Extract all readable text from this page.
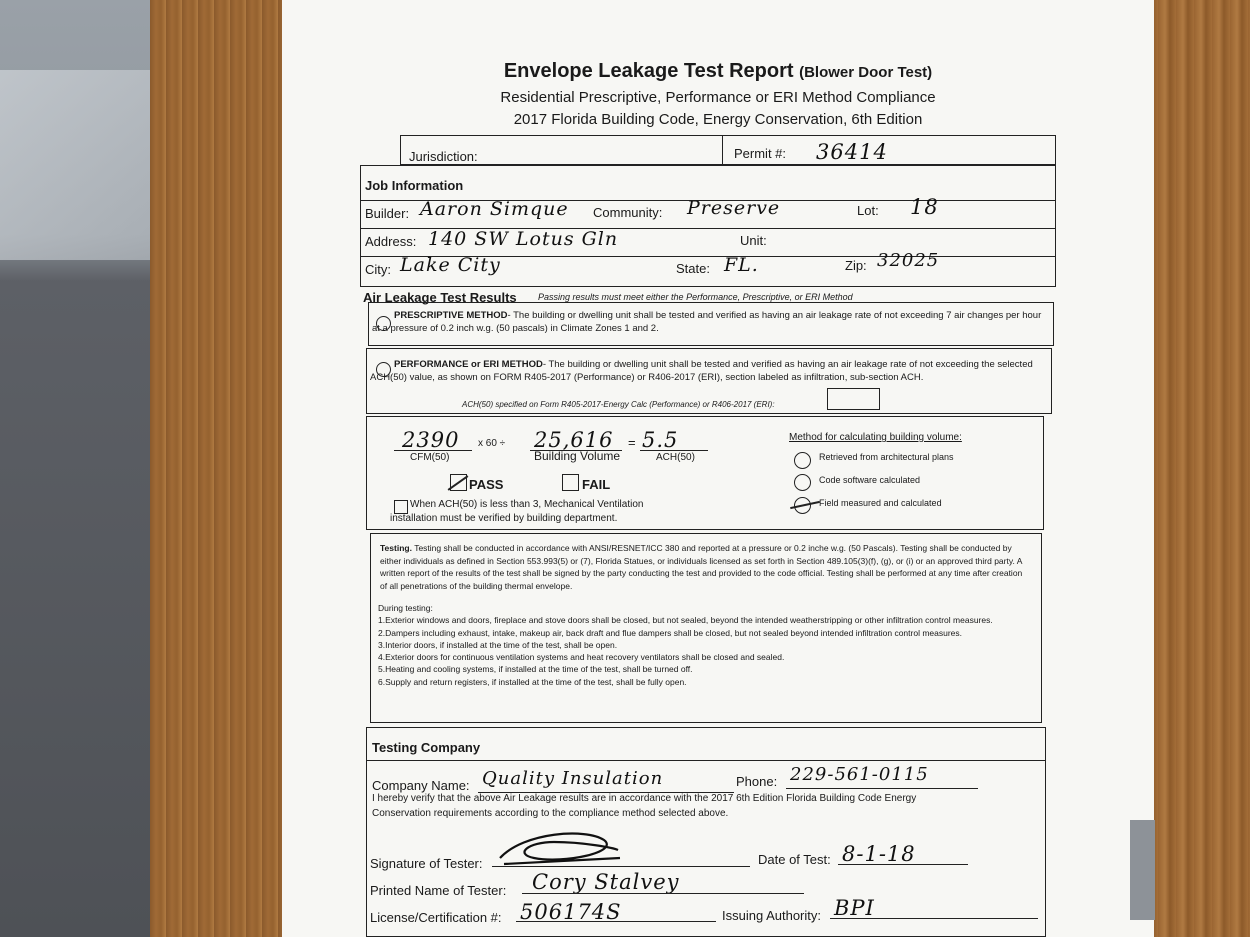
Envelope Leakage Test Report (Blower Door Test)
Residential Prescriptive, Performance or ERI Method Compliance
2017 Florida Building Code, Energy Conservation, 6th Edition
Jurisdiction:	Permit #: 36414
Job Information
Builder: Aaron Simque Community: Preserve	Lot: 18
Address: 140 SW Lotus Gln	Unit:
City: Lake City	State: FL.	Zip: 32025
Air Leakage Test Results Passing results must meet either the Performance, Prescriptive, or ERI Method
PRESCRIPTIVE METHOD- The building or dwelling unit shall be tested and verified as having an air leakage rate of not exceeding 7 air changes per hour at a pressure of 0.2 inch w.g. (50 pascals) in Climate Zones 1 and 2.
PERFORMANCE or ERI METHOD- The building or dwelling unit shall be tested and verified as having an air leakage rate of not exceeding the selected ACH(50) value, as shown on FORM R405-2017 (Performance) or R406-2017 (ERI), section labeled as infiltration, sub-section ACH.
ACH(50) specified on Form R405-2017-Energy Calc (Performance) or R406-2017 (ERI):
2390
CFM(50)
x 60 ÷ 25,616
Building Volume
= 5.5
ACH(50)
PASS	FAIL
When ACH(50) is less than 3, Mechanical Ventilation
installation must be verified by building department.
Method for calculating building volume:
Retrieved from architectural plans
Code software calculated
Field measured and calculated
Testing. Testing shall be conducted in accordance with ANSI/RESNET/ICC 380 and reported at a pressure or 0.2 inche w.g. (50 Pascals). Testing shall be conducted by either individuals as defined in Section 553.993(5) or (7), Florida Statues, or individuals licensed as set forth in Section 489.105(3)(f), (g), or (i) or an approved third party. A written report of the results of the test shall be signed by the party conducting the test and provided to the code official. Testing shall be performed at any time after creation of all penetrations of the building thermal envelope.
During testing:
1.Exterior windows and doors, fireplace and stove doors shall be closed, but not sealed, beyond the intended weatherstripping or other infiltration control measures.
2.Dampers including exhaust, intake, makeup air, back draft and flue dampers shall be closed, but not sealed beyond intended infiltration control measures.
3.Interior doors, if installed at the time of the test, shall be open.
4.Exterior doors for continuous ventilation systems and heat recovery ventilators shall be closed and sealed.
5.Heating and cooling systems, if installed at the time of the test, shall be turned off.
6.Supply and return registers, if installed at the time of the test, shall be fully open.
Testing Company
Company Name: Quality Insulation	Phone: 229-561-0115
I hereby verify that the above Air Leakage results are in accordance with the 2017 6th Edition Florida Building Code Energy
Conservation requirements according to the compliance method selected above.
Signature of Tester:	Date of Test: 8-1-18
Printed Name of Tester: Cory Stalvey
License/Certification #: 506174S	Issuing Authority: BPI
